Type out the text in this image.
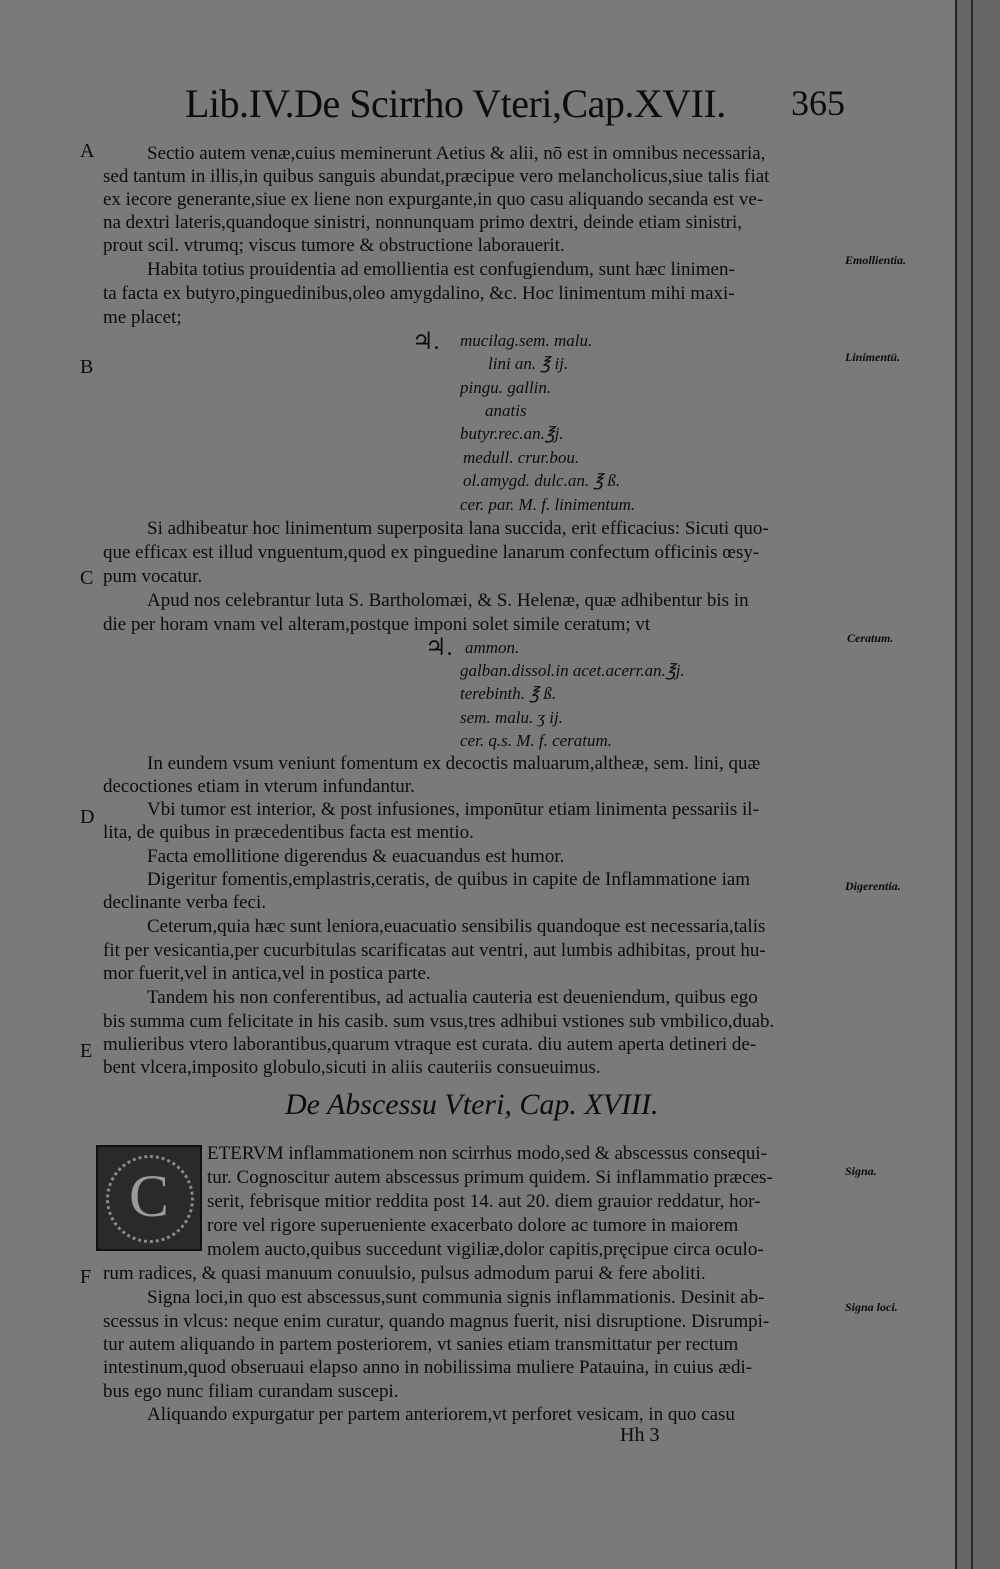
Lib.IV.De Scirrho Vteri,Cap.XVII. 365
A
B
C
D
E
F
Emollientia.
Linimentü.
Ceratum.
Digerentia.
Signa.
Signa loci.
Sectio autem venæ,cuius meminerunt Aetius & alii, nō est in omnibus necessaria,
sed tantum in illis,in quibus sanguis abundat,præcipue vero melancholicus,siue talis fiat
ex iecore generante,siue ex liene non expurgante,in quo casu aliquando secanda est ve-
na dextri lateris,quandoque sinistri, nonnunquam primo dextri, deinde etiam sinistri,
prout scil. vtrumq; viscus tumore & obstructione laborauerit.
Habita totius prouidentia ad emollientia est confugiendum, sunt hæc linimen-
ta facta ex butyro,pinguedinibus,oleo amygdalino, &c. Hoc linimentum mihi maxi-
me placet;
♃. mucilag.sem. malu.
lini an. ℥ ij.
pingu. gallin.
anatis
butyr.rec.an.℥j.
medull. crur.bou.
ol.amygd. dulc.an. ℥ ß.
cer. par. M. f. linimentum.
Si adhibeatur hoc linimentum superposita lana succida, erit efficacius: Sicuti quo-
que efficax est illud vnguentum,quod ex pinguedine lanarum confectum officinis œsy-
pum vocatur.
Apud nos celebrantur luta S. Bartholomæi, & S. Helenæ, quæ adhibentur bis in
die per horam vnam vel alteram,postque imponi solet simile ceratum; vt
♃. ammon.
galban.dissol.in acet.acerr.an.℥j.
terebinth. ℥ ß.
sem. malu. ʒ ij.
cer. q.s. M. f. ceratum.
In eundem vsum veniunt fomentum ex decoctis maluarum,altheæ, sem. lini, quæ
decoctiones etiam in vterum infundantur.
Vbi tumor est interior, & post infusiones, imponūtur etiam linimenta pessariis il-
lita, de quibus in præcedentibus facta est mentio.
Facta emollitione digerendus & euacuandus est humor.
Digeritur fomentis,emplastris,ceratis, de quibus in capite de Inflammatione iam
declinante verba feci.
Ceterum,quia hæc sunt leniora,euacuatio sensibilis quandoque est necessaria,talis
fit per vesicantia,per cucurbitulas scarificatas aut ventri, aut lumbis adhibitas, prout hu-
mor fuerit,vel in antica,vel in postica parte.
Tandem his non conferentibus, ad actualia cauteria est deueniendum, quibus ego
bis summa cum felicitate in his casib. sum vsus,tres adhibui vstiones sub vmbilico,duab.
mulieribus vtero laborantibus,quarum vtraque est curata. diu autem aperta detineri de-
bent vlcera,imposito globulo,sicuti in aliis cauteriis consueuimus.
De Abscessu Vteri, Cap. XVIII.
C
ETERVM inflammationem non scirrhus modo,sed & abscessus consequi-
tur. Cognoscitur autem abscessus primum quidem. Si inflammatio præces-
serit, febrisque mitior reddita post 14. aut 20. diem grauior reddatur, hor-
rore vel rigore superueniente exacerbato dolore ac tumore in maiorem
molem aucto,quibus succedunt vigiliæ,dolor capitis,pręcipue circa oculo-
rum radices, & quasi manuum conuulsio, pulsus admodum parui & fere aboliti.
Signa loci,in quo est abscessus,sunt communia signis inflammationis. Desinit ab-
scessus in vlcus: neque enim curatur, quando magnus fuerit, nisi disruptione. Disrumpi-
tur autem aliquando in partem posteriorem, vt sanies etiam transmittatur per rectum
intestinum,quod obseruaui elapso anno in nobilissima muliere Patauina, in cuius ædi-
bus ego nunc filiam curandam suscepi.
Aliquando expurgatur per partem anteriorem,vt perforet vesicam, in quo casu
Hh 3
